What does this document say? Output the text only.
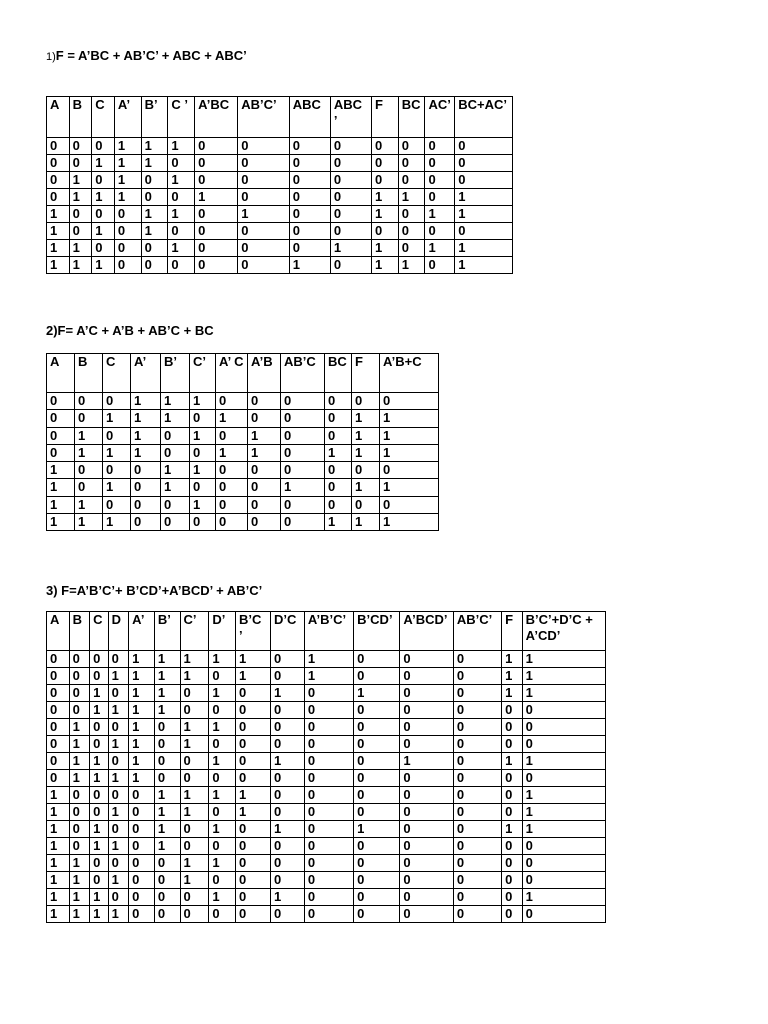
1)F = A’BC + AB’C’ + ABC + ABC’
A	B	C	A’	B’	C ’	A’BC	AB’C’	ABC	ABC ’	F	BC	AC’	BC+AC’
0	0	0	1	1	1	0	0	0	0	0	0	0	0
0	0	1	1	1	0	0	0	0	0	0	0	0	0
0	1	0	1	0	1	0	0	0	0	0	0	0	0
0	1	1	1	0	0	1	0	0	0	1	1	0	1
1	0	0	0	1	1	0	1	0	0	1	0	1	1
1	0	1	0	1	0	0	0	0	0	0	0	0	0
1	1	0	0	0	1	0	0	0	1	1	0	1	1
1	1	1	0	0	0	0	0	1	0	1	1	0	1
2)F= A’C + A’B + AB’C + BC
A	B	C	A’	B’	C’	A’ C	A’B	AB’C	BC	F	A’B+C
0	0	0	1	1	1	0	0	0	0	0	0
0	0	1	1	1	0	1	0	0	0	1	1
0	1	0	1	0	1	0	1	0	0	1	1
0	1	1	1	0	0	1	1	0	1	1	1
1	0	0	0	1	1	0	0	0	0	0	0
1	0	1	0	1	0	0	0	1	0	1	1
1	1	0	0	0	1	0	0	0	0	0	0
1	1	1	0	0	0	0	0	0	1	1	1
3) F=A’B’C’+ B’CD’+A’BCD’ + AB’C’
A	B	C	D	A’	B’	C’	D’	B’C ’	D’C	A’B’C’	B’CD’	A’BCD’	AB’C’	F	B’C’+D’C +A’CD’
0	0	0	0	1	1	1	1	1	0	1	0	0	0	1	1
0	0	0	1	1	1	1	0	1	0	1	0	0	0	1	1
0	0	1	0	1	1	0	1	0	1	0	1	0	0	1	1
0	0	1	1	1	1	0	0	0	0	0	0	0	0	0	0
0	1	0	0	1	0	1	1	0	0	0	0	0	0	0	0
0	1	0	1	1	0	1	0	0	0	0	0	0	0	0	0
0	1	1	0	1	0	0	1	0	1	0	0	1	0	1	1
0	1	1	1	1	0	0	0	0	0	0	0	0	0	0	0
1	0	0	0	0	1	1	1	1	0	0	0	0	0	0	1
1	0	0	1	0	1	1	0	1	0	0	0	0	0	0	1
1	0	1	0	0	1	0	1	0	1	0	1	0	0	1	1
1	0	1	1	0	1	0	0	0	0	0	0	0	0	0	0
1	1	0	0	0	0	1	1	0	0	0	0	0	0	0	0
1	1	0	1	0	0	1	0	0	0	0	0	0	0	0	0
1	1	1	0	0	0	0	1	0	1	0	0	0	0	0	1
1	1	1	1	0	0	0	0	0	0	0	0	0	0	0	0
